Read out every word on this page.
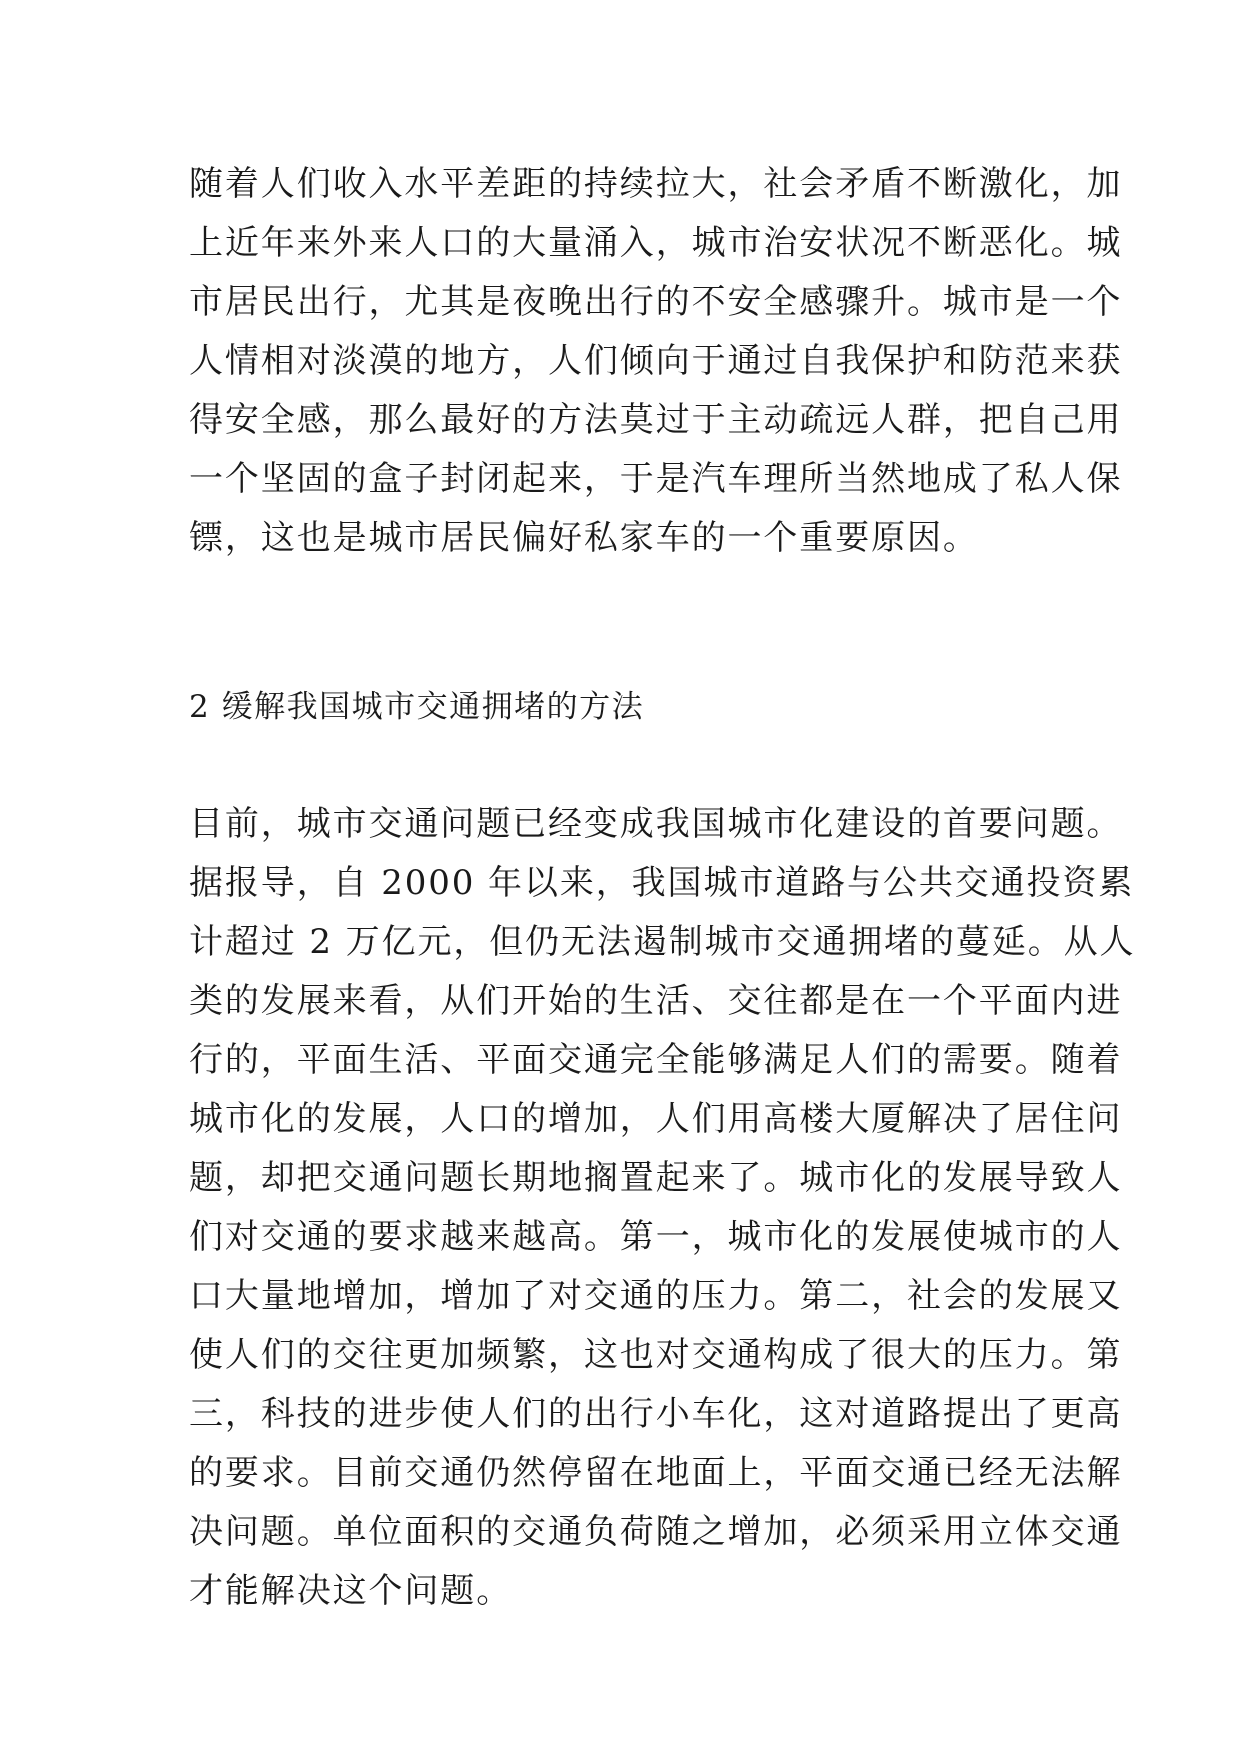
随着人们收入水平差距的持续拉大，社会矛盾不断激化，加
上近年来外来人口的大量涌入，城市治安状况不断恶化。城
市居民出行，尤其是夜晚出行的不安全感骤升。城市是一个
人情相对淡漠的地方，人们倾向于通过自我保护和防范来获
得安全感，那么最好的方法莫过于主动疏远人群，把自己用
一个坚固的盒子封闭起来，于是汽车理所当然地成了私人保
镖，这也是城市居民偏好私家车的一个重要原因。
2 缓解我国城市交通拥堵的方法
目前，城市交通问题已经变成我国城市化建设的首要问题。
据报导，自 2000 年以来，我国城市道路与公共交通投资累
计超过 2 万亿元，但仍无法遏制城市交通拥堵的蔓延。从人
类的发展来看，从们开始的生活、交往都是在一个平面内进
行的，平面生活、平面交通完全能够满足人们的需要。随着
城市化的发展，人口的增加，人们用高楼大厦解决了居住问
题，却把交通问题长期地搁置起来了。城市化的发展导致人
们对交通的要求越来越高。第一，城市化的发展使城市的人
口大量地增加，增加了对交通的压力。第二，社会的发展又
使人们的交往更加频繁，这也对交通构成了很大的压力。第
三，科技的进步使人们的出行小车化，这对道路提出了更高
的要求。目前交通仍然停留在地面上，平面交通已经无法解
决问题。单位面积的交通负荷随之增加，必须采用立体交通
才能解决这个问题。
